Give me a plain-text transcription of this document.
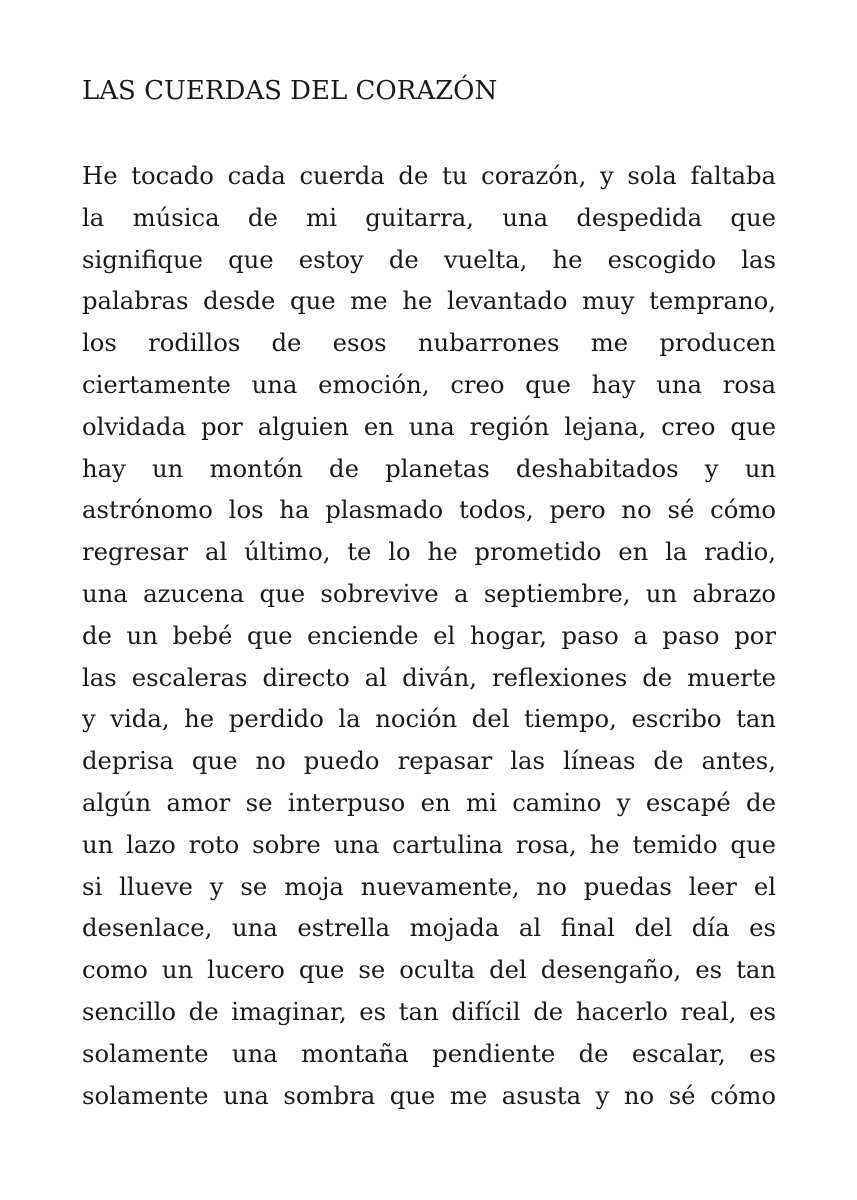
LAS CUERDAS DEL CORAZÓN
He tocado cada cuerda de tu corazón, y sola faltaba
la música de mi guitarra, una despedida que
signifique que estoy de vuelta, he escogido las
palabras desde que me he levantado muy temprano,
los rodillos de esos nubarrones me producen
ciertamente una emoción, creo que hay una rosa
olvidada por alguien en una región lejana, creo que
hay un montón de planetas deshabitados y un
astrónomo los ha plasmado todos, pero no sé cómo
regresar al último, te lo he prometido en la radio,
una azucena que sobrevive a septiembre, un abrazo
de un bebé que enciende el hogar, paso a paso por
las escaleras directo al diván, reflexiones de muerte
y vida, he perdido la noción del tiempo, escribo tan
deprisa que no puedo repasar las líneas de antes,
algún amor se interpuso en mi camino y escapé de
un lazo roto sobre una cartulina rosa, he temido que
si llueve y se moja nuevamente, no puedas leer el
desenlace, una estrella mojada al final del día es
como un lucero que se oculta del desengaño, es tan
sencillo de imaginar, es tan difícil de hacerlo real, es
solamente una montaña pendiente de escalar, es
solamente una sombra que me asusta y no sé cómo
